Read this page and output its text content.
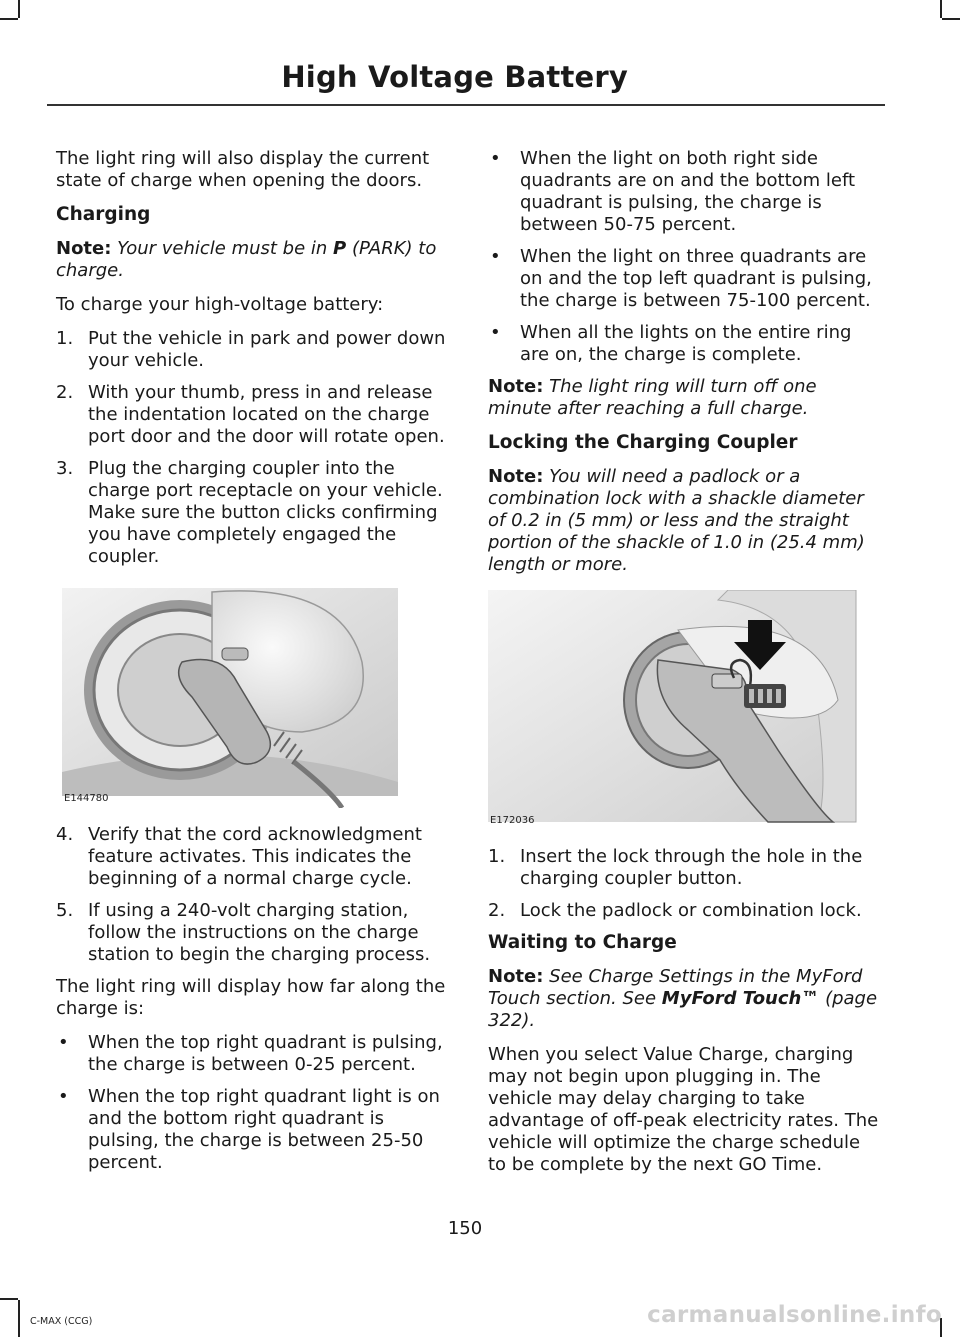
High Voltage Battery

The light ring will also display the current state of charge when opening the doors.

Charging

Note: Your vehicle must be in P (PARK) to charge.

To charge your high-voltage battery:

1. Put the vehicle in park and power down your vehicle.
2. With your thumb, press in and release the indentation located on the charge port door and the door will rotate open.
3. Plug the charging coupler into the charge port receptacle on your vehicle. Make sure the button clicks confirming you have completely engaged the coupler.
E144780
4. Verify that the cord acknowledgment feature activates. This indicates the beginning of a normal charge cycle.
5. If using a 240-volt charging station, follow the instructions on the charge station to begin the charging process.

The light ring will display how far along the charge is:

•	When the top right quadrant is pulsing, the charge is between 0-25 percent.
•	When the top right quadrant light is on and the bottom right quadrant is pulsing, the charge is between 25-50 percent.
•	When the light on both right side quadrants are on and the bottom left quadrant is pulsing, the charge is between 50-75 percent.
•	When the light on three quadrants are on and the top left quadrant is pulsing, the charge is between 75-100 percent.
•	When all the lights on the entire ring are on, the charge is complete.

Note: The light ring will turn off one minute after reaching a full charge.

Locking the Charging Coupler

Note: You will need a padlock or a combination lock with a shackle diameter of 0.2 in (5 mm) or less and the straight portion of the shackle of 1.0 in (25.4 mm) length or more.

E172036
1. Insert the lock through the hole in the charging coupler button.
2. Lock the padlock or combination lock.
Waiting to Charge

Note: See Charge Settings in the MyFord Touch section. See MyFord Touch™ (page 322).

When you select Value Charge, charging may not begin upon plugging in. The vehicle may delay charging to take advantage of off-peak electricity rates. The vehicle will optimize the charge schedule to be complete by the next GO Time.

150
C-MAX (CCG)	carmanualsonline.info
